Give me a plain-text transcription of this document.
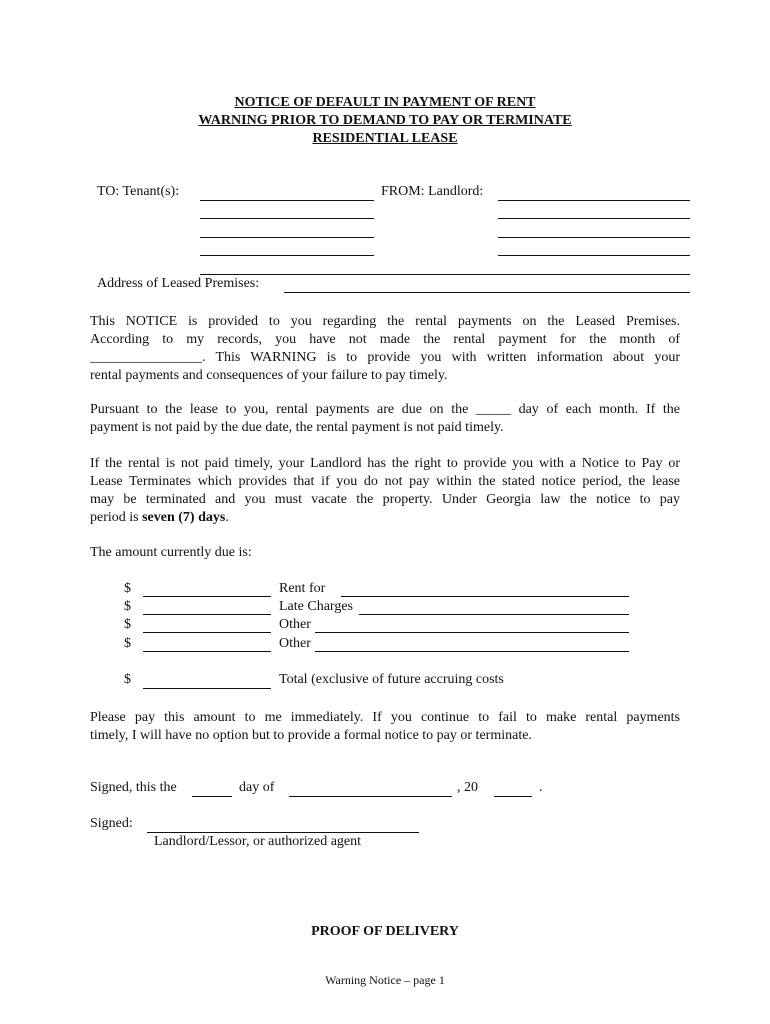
NOTICE OF DEFAULT IN PAYMENT OF RENT
WARNING PRIOR TO DEMAND TO PAY OR TERMINATE
RESIDENTIAL LEASE
TO: Tenant(s):	FROM: Landlord:
Address of Leased Premises:
This NOTICE is provided to you regarding the rental payments on the Leased Premises.
According to my records, you have not made the rental payment for the month of
________________. This WARNING is to provide you with written information about your
rental payments and consequences of your failure to pay timely.
Pursuant to the lease to you, rental payments are due on the _____ day of each month. If the
payment is not paid by the due date, the rental payment is not paid timely.
If the rental is not paid timely, your Landlord has the right to provide you with a Notice to Pay or
Lease Terminates which provides that if you do not pay within the stated notice period, the lease
may be terminated and you must vacate the property. Under Georgia law the notice to pay
period is seven (7) days.
The amount currently due is:
$	Rent for
$	Late Charges
$	Other
$	Other
$	Total (exclusive of future accruing costs
Please pay this amount to me immediately. If you continue to fail to make rental payments
timely, I will have no option but to provide a formal notice to pay or terminate.
Signed, this the	day of	, 20	.
Signed:
Landlord/Lessor, or authorized agent
PROOF OF DELIVERY
Warning Notice – page 1
